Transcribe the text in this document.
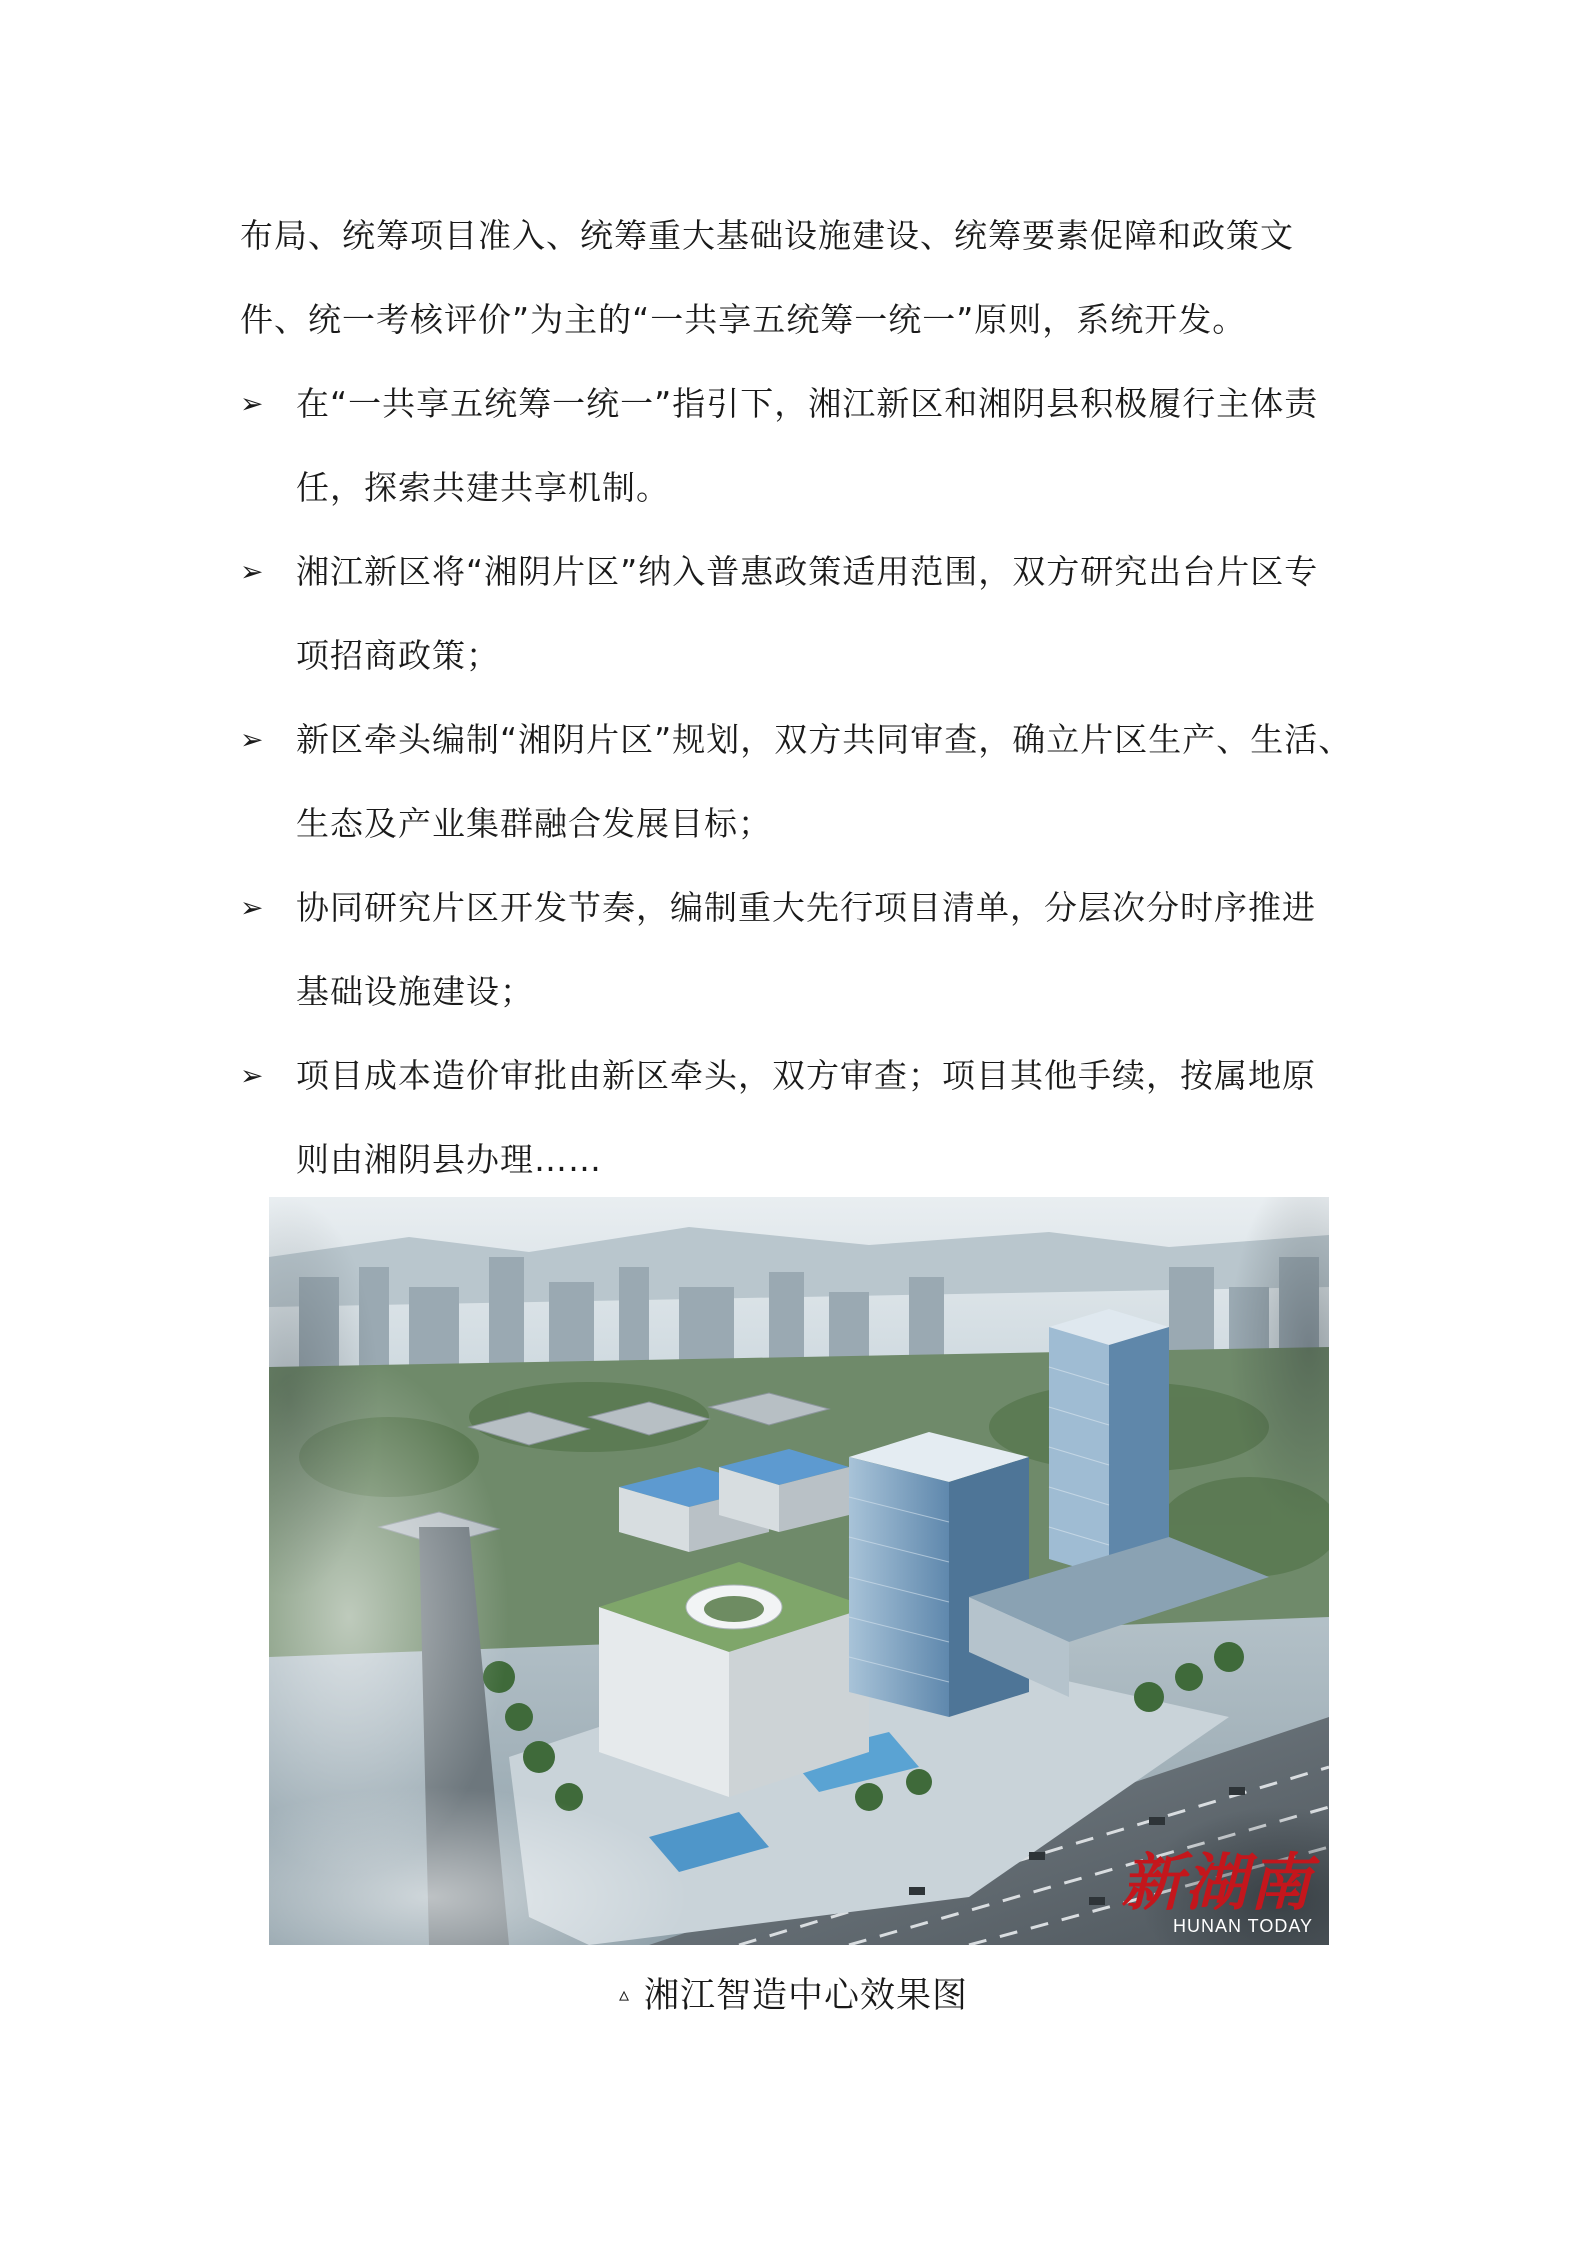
布局、统筹项目准入、统筹重大基础设施建设、统筹要素促障和政策文
件、统一考核评价”为主的“一共享五统筹一统一”原则，系统开发。
➢ 在“一共享五统筹一统一”指引下，湘江新区和湘阴县积极履行主体责
任，探索共建共享机制。
➢ 湘江新区将“湘阴片区”纳入普惠政策适用范围，双方研究出台片区专
项招商政策；
➢ 新区牵头编制“湘阴片区”规划，双方共同审查，确立片区生产、生活、
生态及产业集群融合发展目标；
➢ 协同研究片区开发节奏，编制重大先行项目清单，分层次分时序推进
基础设施建设；
➢ 项目成本造价审批由新区牵头，双方审查；项目其他手续，按属地原
则由湘阴县办理……
新湖南
HUNAN TODAY
▵ 湘江智造中心效果图
